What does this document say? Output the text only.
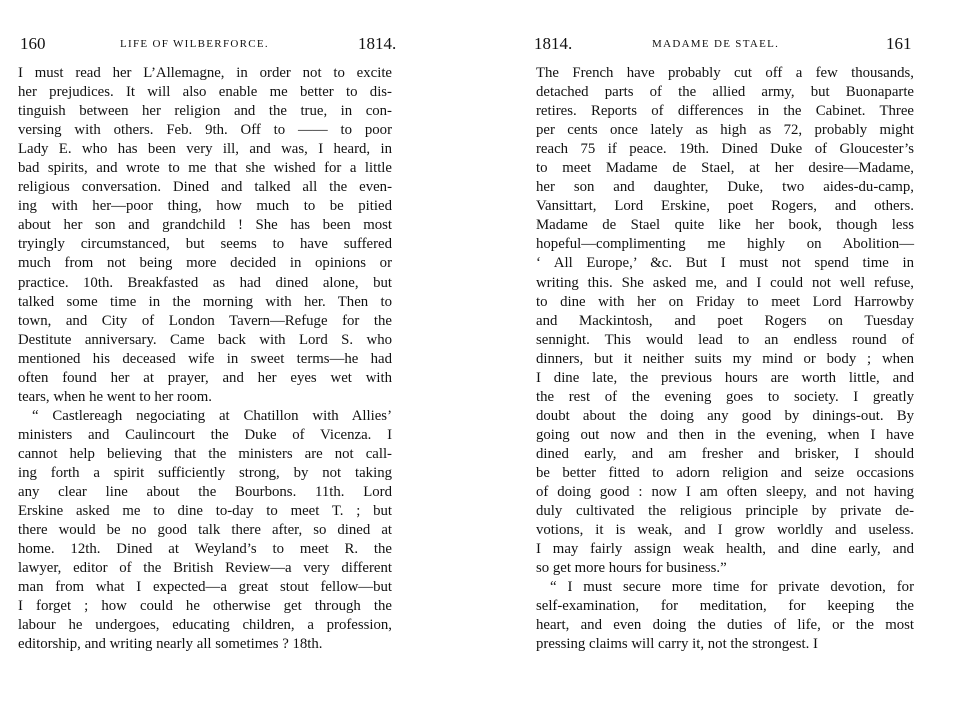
160	LIFE OF WILBERFORCE.	1814.
I must read her L’Allemagne, in order not to excite
her prejudices. It will also enable me better to dis-
tinguish between her religion and the true, in con-
versing with others. Feb. 9th. Off to —— to poor
Lady E. who has been very ill, and was, I heard, in
bad spirits, and wrote to me that she wished for a little
religious conversation. Dined and talked all the even-
ing with her—poor thing, how much to be pitied
about her son and grandchild ! She has been most
tryingly circumstanced, but seems to have suffered
much from not being more decided in opinions or
practice. 10th. Breakfasted as had dined alone, but
talked some time in the morning with her. Then to
town, and City of London Tavern—Refuge for the
Destitute anniversary. Came back with Lord S. who
mentioned his deceased wife in sweet terms—he had
often found her at prayer, and her eyes wet with
tears, when he went to her room.
“ Castlereagh negociating at Chatillon with Allies’
ministers and Caulincourt the Duke of Vicenza. I
cannot help believing that the ministers are not call-
ing forth a spirit sufficiently strong, by not taking
any clear line about the Bourbons. 11th. Lord
Erskine asked me to dine to-day to meet T. ; but
there would be no good talk there after, so dined at
home. 12th. Dined at Weyland’s to meet R. the
lawyer, editor of the British Review—a very different
man from what I expected—a great stout fellow—but
I forget ; how could he otherwise get through the
labour he undergoes, educating children, a profession,
editorship, and writing nearly all sometimes ? 18th.
1814.	MADAME DE STAEL.	161
The French have probably cut off a few thousands,
detached parts of the allied army, but Buonaparte
retires. Reports of differences in the Cabinet. Three
per cents once lately as high as 72, probably might
reach 75 if peace. 19th. Dined Duke of Gloucester’s
to meet Madame de Stael, at her desire—Madame,
her son and daughter, Duke, two aides-du-camp,
Vansittart, Lord Erskine, poet Rogers, and others.
Madame de Stael quite like her book, though less
hopeful—complimenting me highly on Abolition—
‘ All Europe,’ &c. But I must not spend time in
writing this. She asked me, and I could not well refuse,
to dine with her on Friday to meet Lord Harrowby
and Mackintosh, and poet Rogers on Tuesday
sennight. This would lead to an endless round of
dinners, but it neither suits my mind or body ; when
I dine late, the previous hours are worth little, and
the rest of the evening goes to society. I greatly
doubt about the doing any good by dinings-out. By
going out now and then in the evening, when I have
dined early, and am fresher and brisker, I should
be better fitted to adorn religion and seize occasions
of doing good : now I am often sleepy, and not having
duly cultivated the religious principle by private de-
votions, it is weak, and I grow worldly and useless.
I may fairly assign weak health, and dine early, and
so get more hours for business.”
“ I must secure more time for private devotion, for
self-examination, for meditation, for keeping the
heart, and even doing the duties of life, or the most
pressing claims will carry it, not the strongest. I
